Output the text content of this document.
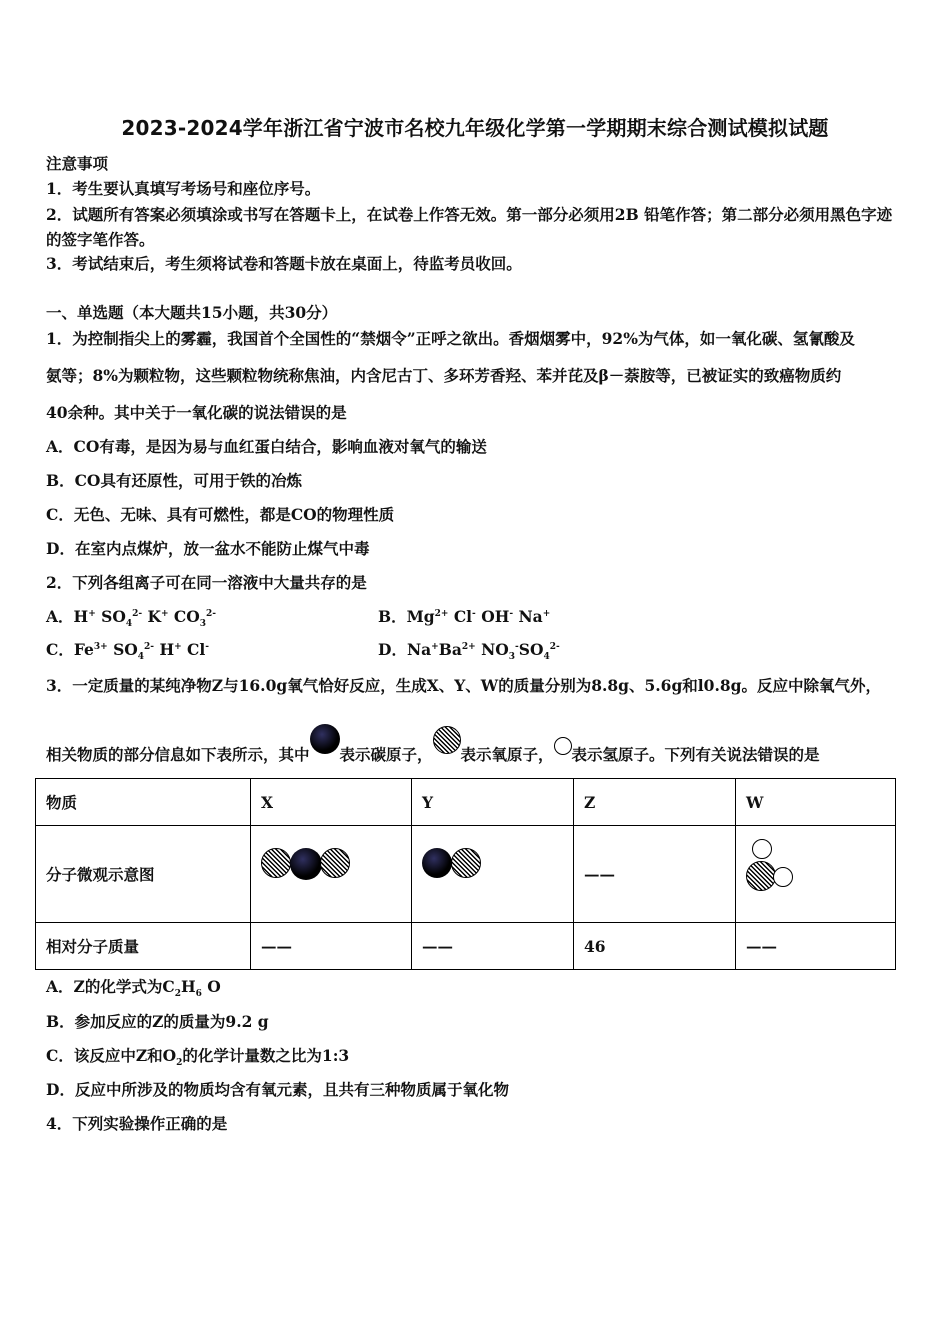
2023-2024学年浙江省宁波市名校九年级化学第一学期期末综合测试模拟试题
注意事项
1．考生要认真填写考场号和座位序号。
2．试题所有答案必须填涂或书写在答题卡上，在试卷上作答无效。第一部分必须用2B 铅笔作答；第二部分必须用黑色字迹的签字笔作答。
3．考试结束后，考生须将试卷和答题卡放在桌面上，待监考员收回。
一、单选题（本大题共15小题，共30分）
1．为控制指尖上的雾霾，我国首个全国性的“禁烟令”正呼之欲出。香烟烟雾中，92%为气体，如一氧化碳、氢氰酸及
氨等；8%为颗粒物，这些颗粒物统称焦油，内含尼古丁、多环芳香羟、苯并芘及β－萘胺等，已被证实的致癌物质约
40余种。其中关于一氧化碳的说法错误的是
A．CO有毒，是因为易与血红蛋白结合，影响血液对氧气的输送
B．CO具有还原性，可用于铁的冶炼
C．无色、无味、具有可燃性，都是CO的物理性质
D．在室内点煤炉，放一盆水不能防止煤气中毒
2．下列各组离子可在同一溶液中大量共存的是
A．H+ $SO_4^{2-}$ K+ $CO_3^{2-}$	B．$Mg^{2+}$ Cl- OH- Na+
C．$Fe^{3+}$ $SO_4^{2-}$ H+ Cl-	D．$Na^+Ba^{2+}$ $NO_3^-SO_4^{2-}$
3．一定质量的某纯净物Z与16.0g氧气恰好反应，生成X、Y、W的质量分别为8.8g、5.6g和l0.8g。反应中除氧气外，
相关物质的部分信息如下表所示，其中 表示碳原子， 表示氧原子， 表示氢原子。下列有关说法错误的是
物质	X	Y	Z	W
分子微观示意图			——	

相对分子质量	——	——	46	——
A．Z的化学式为$C_2H_6$ O
B．参加反应的Z的质量为9.2 g
C．该反应中Z和$O_2$的化学计量数之比为1:3
D．反应中所涉及的物质均含有氧元素，且共有三种物质属于氧化物
4．下列实验操作正确的是
